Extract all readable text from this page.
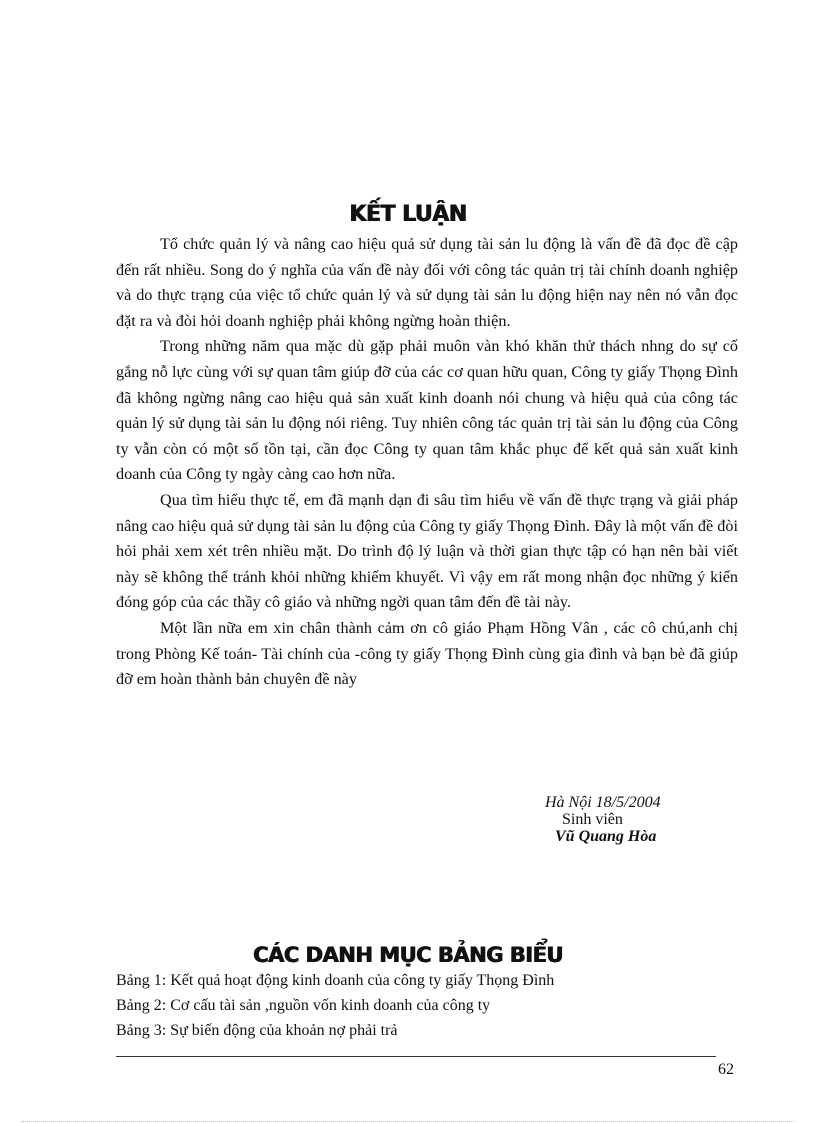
KẾT LUẬN

Tổ chức quản lý và nâng cao hiệu quả sử dụng tài sản lu động là vấn đề đã đọc đề cập đến rất nhiều. Song do ý nghĩa của vấn đề này đối với công tác quản trị tài chính doanh nghiệp và do thực trạng của việc tổ chức quản lý và sử dụng tài sản lu động hiện nay nên nó vẫn đọc đặt ra và đòi hỏi doanh nghiệp phải không ngừng hoàn thiện.

Trong những năm qua mặc dù gặp phải muôn vàn khó khăn thử thách nhng do sự cố gắng nỗ lực cùng với sự quan tâm giúp đỡ của các cơ quan hữu quan, Công ty giấy Thọng Đình đã không ngừng nâng cao hiệu quả sản xuất kinh doanh nói chung và hiệu quả của công tác quản lý sử dụng tài sản lu động nói riêng. Tuy nhiên công tác quản trị tài sản lu động của Công ty vẫn còn có một số tồn tại, cần đọc Công ty quan tâm khắc phục để kết quả sản xuất kinh doanh của Công ty ngày càng cao hơn nữa.

Qua tìm hiểu thực tế, em đã mạnh dạn đi sâu tìm hiểu về vấn đề thực trạng và giải pháp nâng cao hiệu quả sử dụng tài sản lu động của Công ty giấy Thọng Đình. Đây là một vấn đề đòi hỏi phải xem xét trên nhiều mặt. Do trình độ lý luận và thời gian thực tập có hạn nên bài viết này sẽ không thể tránh khỏi những khiếm khuyết. Vì vậy em rất mong nhận đọc những ý kiến đóng góp của các thầy cô giáo và những ngời quan tâm đến đề tài này.

Một lần nữa em xin chân thành cảm ơn cô giáo Phạm Hồng Vân , các cô chú,anh chị trong Phòng Kế toán- Tài chính của -công ty giấy Thọng Đình cùng gia đình và bạn bè đã giúp đỡ em hoàn thành bản chuyên đề này

Hà Nội 18/5/2004
Sinh viên
Vũ Quang Hòa
CÁC DANH MỤC BẢNG BIỂU
Bảng 1: Kết quả hoạt động kinh doanh của công ty giấy Thọng Đình
Bảng 2: Cơ cấu tài sản ,nguồn vốn kinh doanh của công ty
Bảng 3: Sự biến động của khoản nợ phải trả
62
